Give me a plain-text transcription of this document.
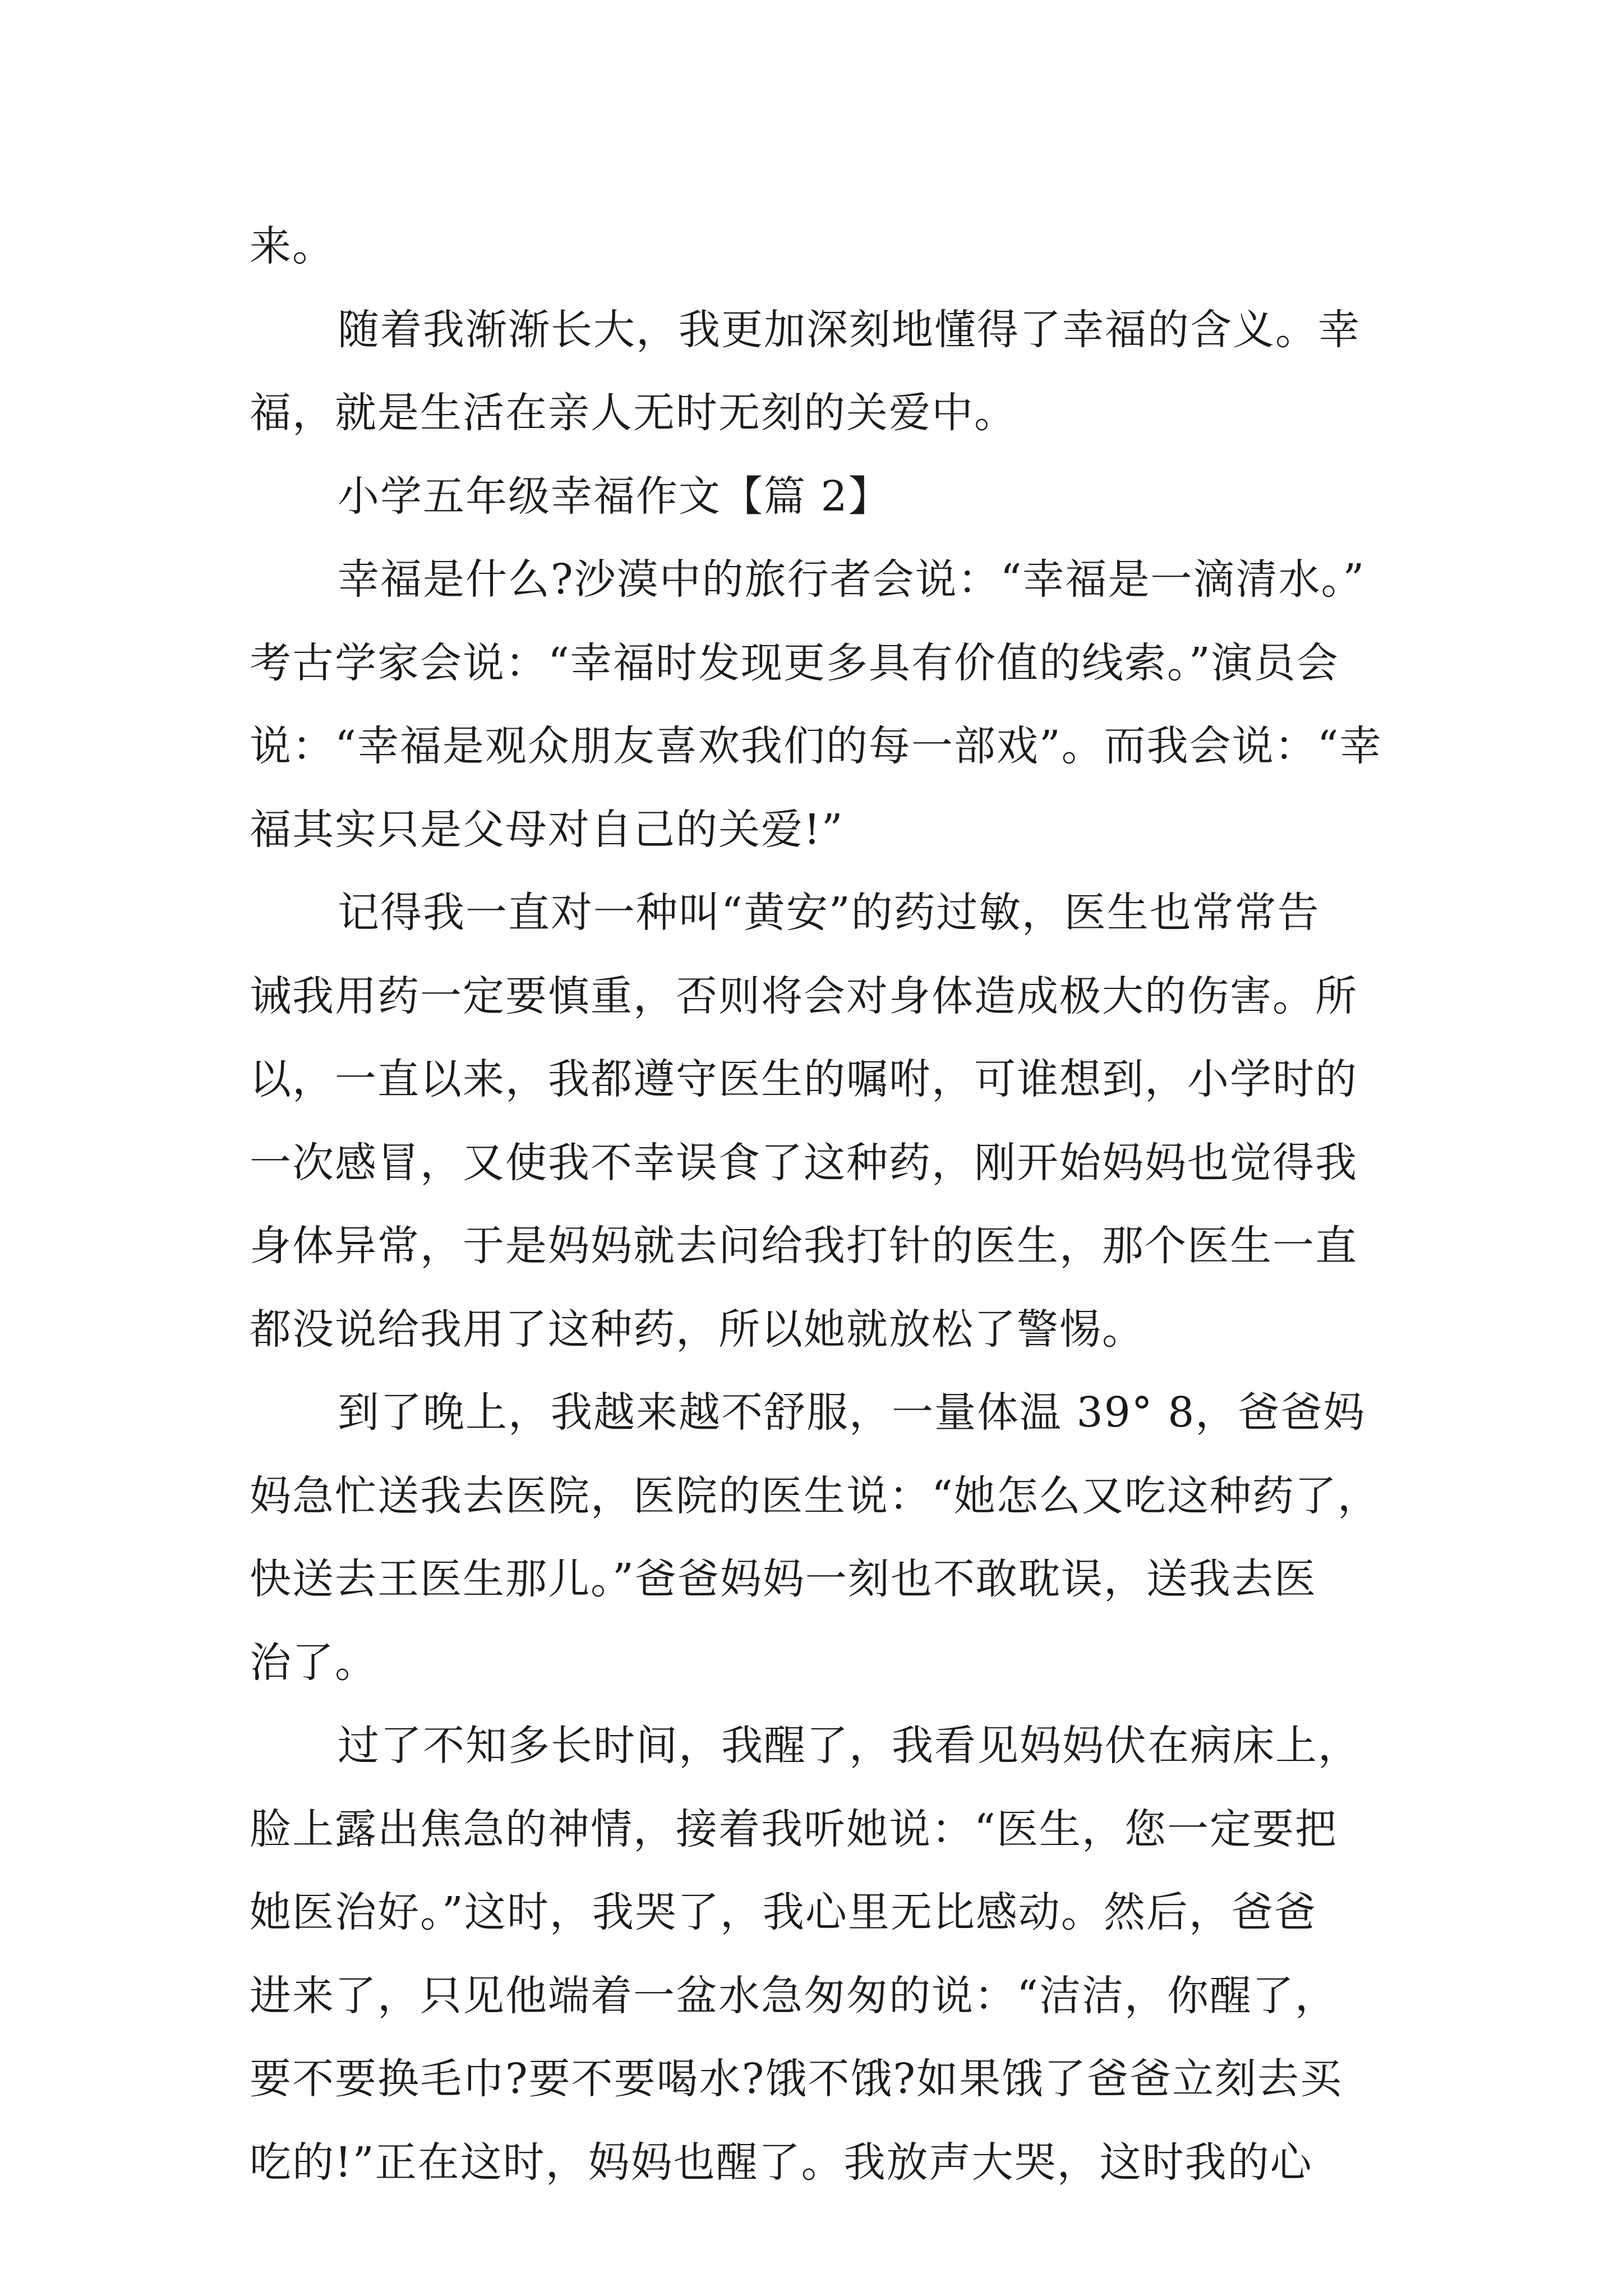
来。

随着我渐渐长大，我更加深刻地懂得了幸福的含义。幸
福，就是生活在亲人无时无刻的关爱中。

小学五年级幸福作文【篇 2】

幸福是什么?沙漠中的旅行者会说：“幸福是一滴清水。”
考古学家会说：“幸福时发现更多具有价值的线索。”演员会
说：“幸福是观众朋友喜欢我们的每一部戏”。而我会说：“幸
福其实只是父母对自己的关爱!”

记得我一直对一种叫“黄安”的药过敏，医生也常常告
诫我用药一定要慎重，否则将会对身体造成极大的伤害。所
以，一直以来，我都遵守医生的嘱咐，可谁想到，小学时的
一次感冒，又使我不幸误食了这种药，刚开始妈妈也觉得我
身体异常，于是妈妈就去问给我打针的医生，那个医生一直
都没说给我用了这种药，所以她就放松了警惕。

到了晚上，我越来越不舒服，一量体温 39° 8，爸爸妈
妈急忙送我去医院，医院的医生说：“她怎么又吃这种药了，
快送去王医生那儿。”爸爸妈妈一刻也不敢耽误，送我去医
治了。

过了不知多长时间，我醒了，我看见妈妈伏在病床上，
脸上露出焦急的神情，接着我听她说：“医生，您一定要把
她医治好。”这时，我哭了，我心里无比感动。然后，爸爸
进来了，只见他端着一盆水急匆匆的说：“洁洁，你醒了，
要不要换毛巾?要不要喝水?饿不饿?如果饿了爸爸立刻去买
吃的!”正在这时，妈妈也醒了。我放声大哭，这时我的心
